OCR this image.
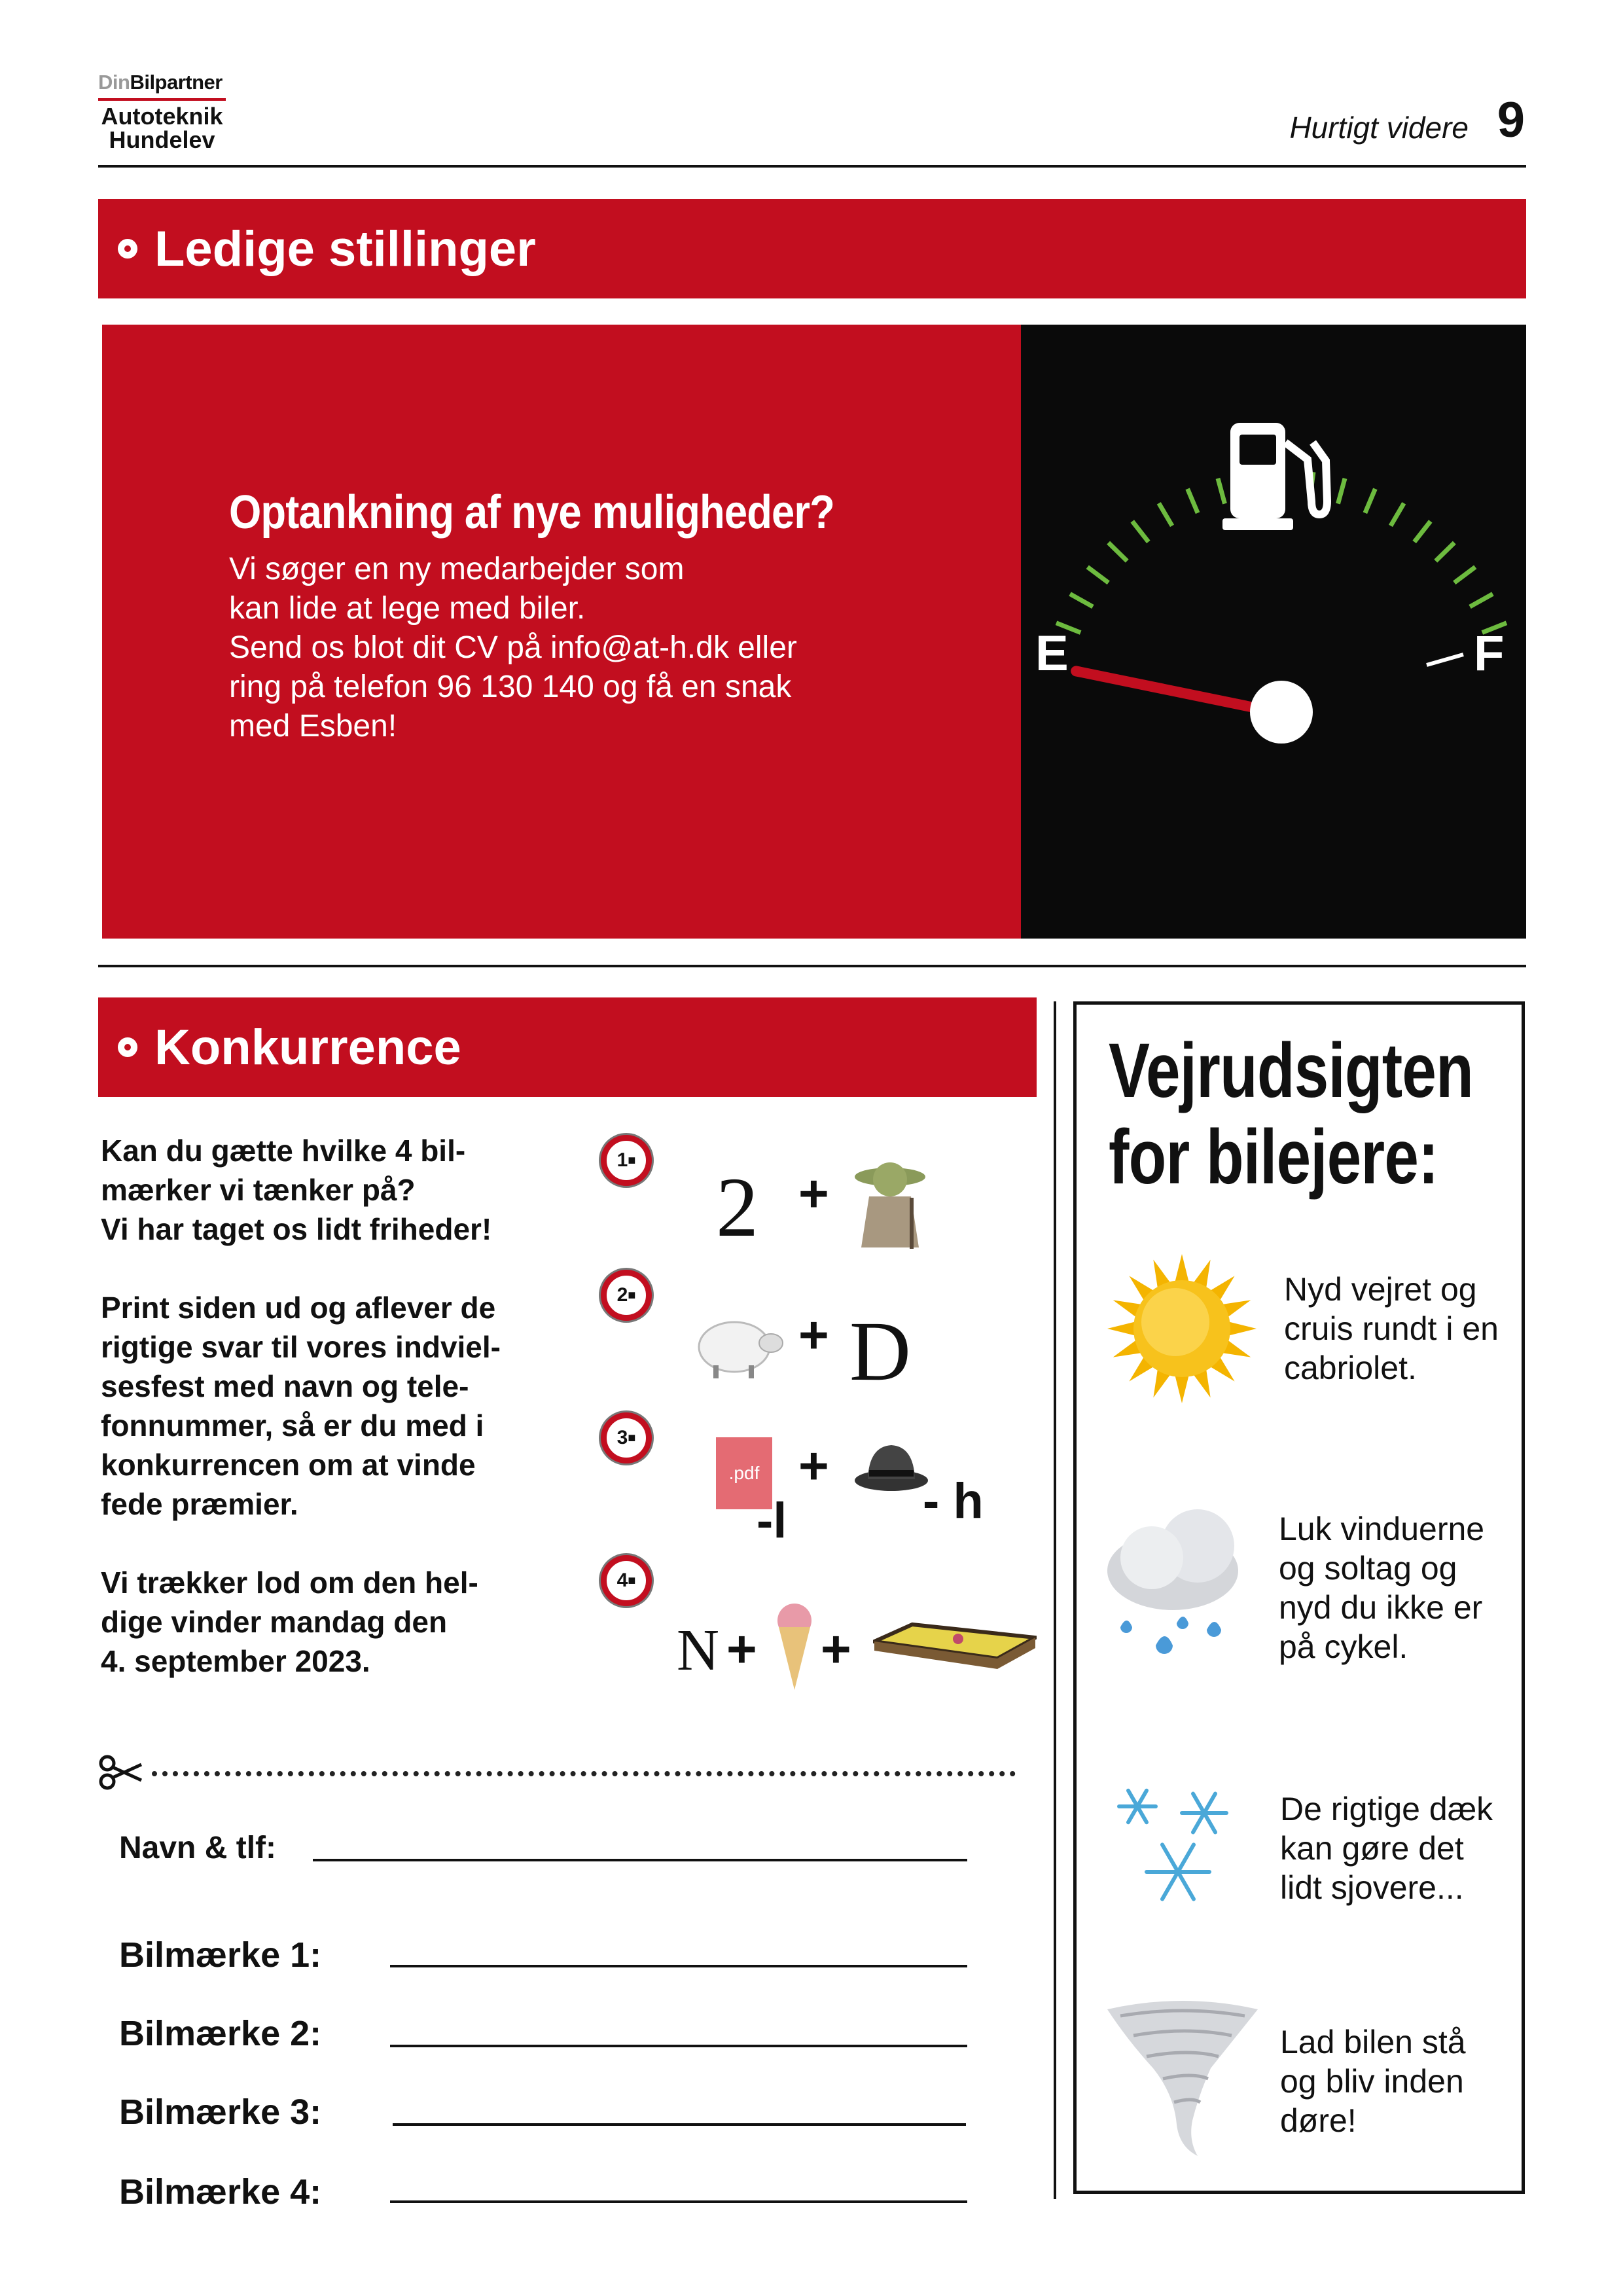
DinBilpartner
Autoteknik
Hundelev	Hurtigt videre 9
Ledige stillinger
E	F
Optankning af nye muligheder?
Vi søger en ny medarbejder som
kan lide at lege med biler.
Send os blot dit CV på info@at-h.dk eller
ring på telefon 96 130 140 og få en snak
med Esben!
Konkurrence
Kan du gætte hvilke 4 bil-
mærker vi tænker på?
Vi har taget os lidt friheder!
Print siden ud og aflever de
rigtige svar til vores indviel-
sesfest med navn og tele-
fonnummer, så er du med i
konkurrencen om at vinde
fede præmier.
Vi trækker lod om den hel-
dige vinder mandag den
4. september 2023.
1 ■
2 +
2 ■
+ D
3 ■
.pdf
-l
+
- h
4 ■
N + +
Navn & tlf:
Bilmærke 1:
Bilmærke 2:
Bilmærke 3:
Bilmærke 4:
Vejrudsigten
for bilejere:
Nyd vejret og
cruis rundt i en
cabriolet.
Luk vinduerne
og soltag og
nyd du ikke er
på cykel.
De rigtige dæk
kan gøre det
lidt sjovere...
Lad bilen stå
og bliv inden
døre!
